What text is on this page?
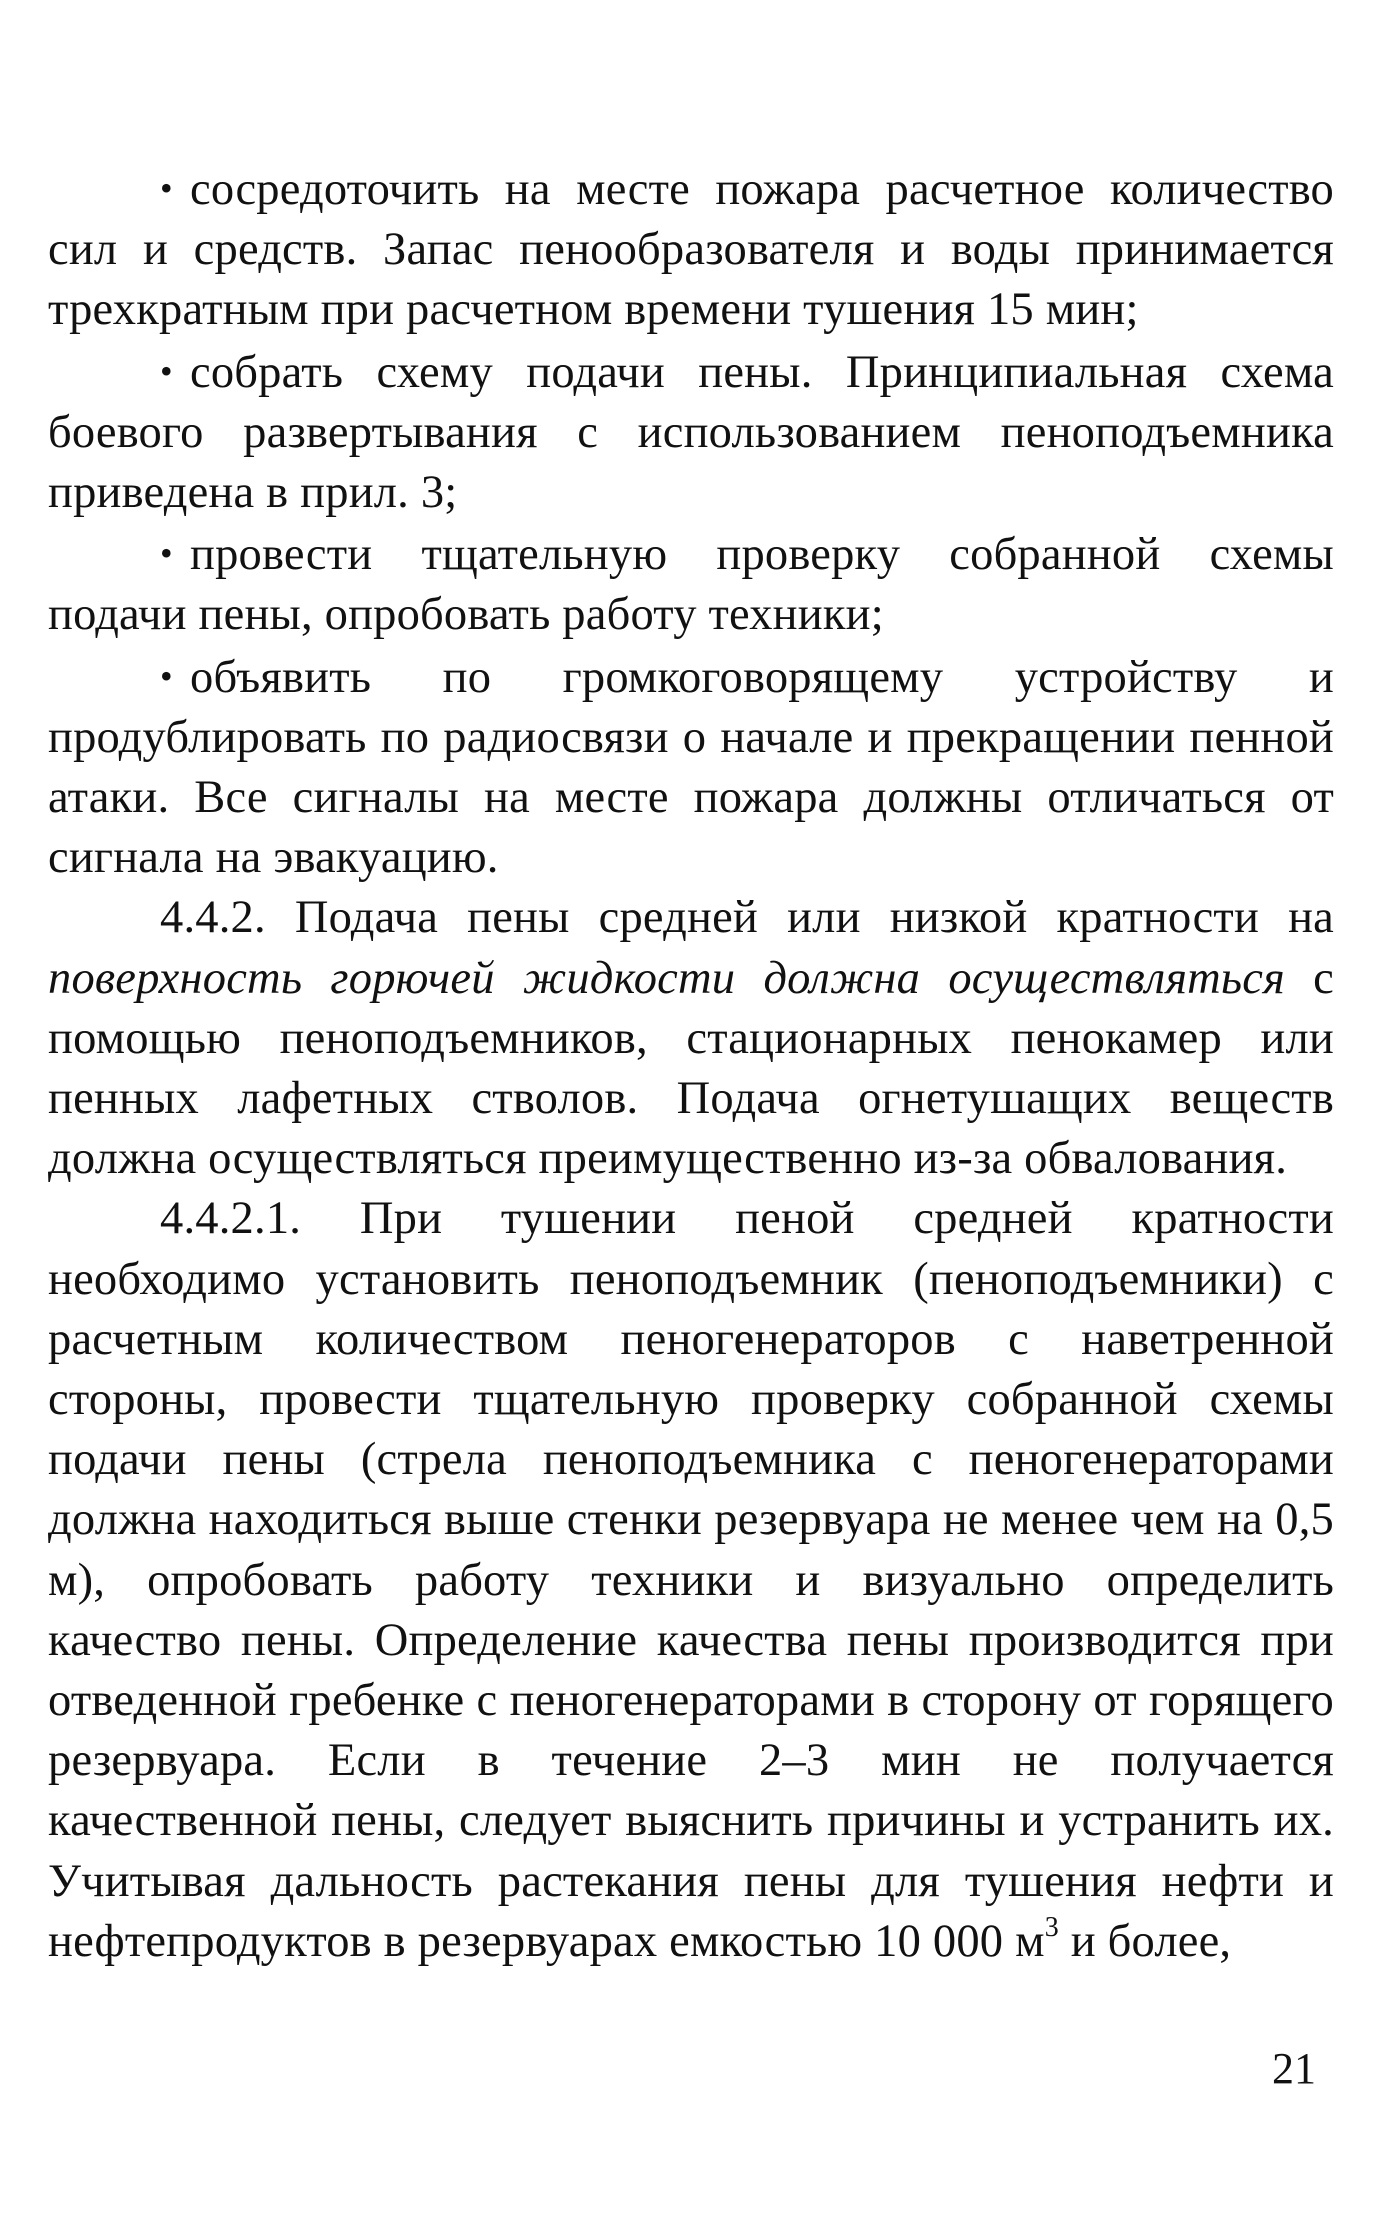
• сосредоточить на месте пожара расчетное количество сил и средств. Запас пенообразователя и воды принимается трехкратным при расчетном времени тушения 15 мин;

• собрать схему подачи пены. Принципиальная схема боевого развертывания с использованием пеноподъемника приведена в прил. 3;

• провести тщательную проверку собранной схемы подачи пены, опробовать работу техники;

• объявить по громкоговорящему устройству и продублировать по радиосвязи о начале и прекращении пенной атаки. Все сигналы на месте пожара должны отличаться от сигнала на эвакуацию.

4.4.2. Подача пены средней или низкой кратности на поверхность горючей жидкости должна осуществляться с помощью пеноподъемников, стационарных пенокамер или пенных лафетных стволов. Подача огнетушащих веществ должна осуществляться преимущественно из-за обвалования.

4.4.2.1. При тушении пеной средней кратности необходимо установить пеноподъемник (пеноподъемники) с расчетным количеством пеногенераторов с наветренной стороны, провести тщательную проверку собранной схемы подачи пены (стрела пеноподъемника с пеногенераторами должна находиться выше стенки резервуара не менее чем на 0,5 м), опробовать работу техники и визуально определить качество пены. Определение качества пены производится при отведенной гребенке с пеногенераторами в сторону от горящего резервуара. Если в течение 2–3 мин не получается качественной пены, следует выяснить причины и устранить их. Учитывая дальность растекания пены для тушения нефти и нефтепродуктов в резервуарах емкостью 10 000 $м^3$ и более,

21
